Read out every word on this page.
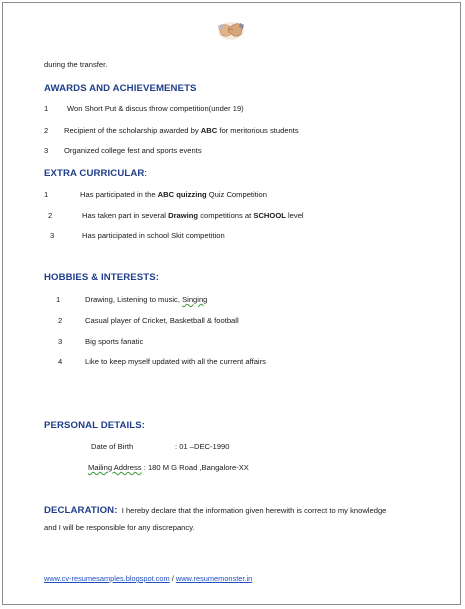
during the transfer.
AWARDS AND ACHIEVEMENETS
1 Won Short Put & discus throw competition(under 19)
2 Recipient of the scholarship awarded by ABC for meritorious students
3 Organized college fest and sports events
EXTRA CURRICULAR:
1	Has participated in the ABC quizzing Quiz Competition
2	Has taken part in several Drawing competitions at SCHOOL level
3	Has participated in school Skit competition
HOBBIES & INTERESTS:
1	Drawing, Listening to music, Singing
2	Casual player of Cricket, Basketball & football
3	Big sports fanatic
4	Like to keep myself updated with all the current affairs
PERSONAL DETAILS:
Date of Birth	: 01 –DEC-1990
Mailing Address : 180 M G Road ,Bangalore-XX
DECLARATION: I hereby declare that the information given herewith is correct to my knowledge
and I will be responsible for any discrepancy.
www.cv-resumesamples.blogspot.com / www.resumemonster.in
